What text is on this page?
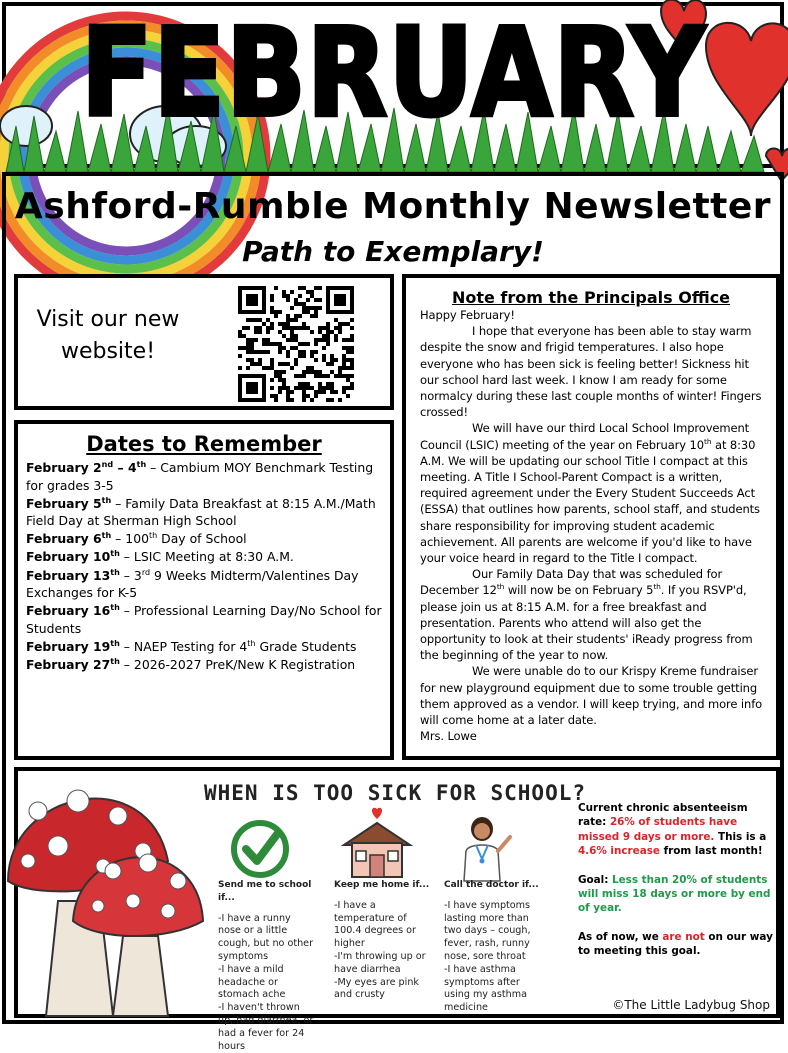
FEBRUARY
Ashford-Rumble Monthly Newsletter
Path to Exemplary!
Visit our new
website!
Dates to Remember
February 2nd – 4th – Cambium MOY Benchmark Testing for grades 3-5
February 5th – Family Data Breakfast at 8:15 A.M./Math Field Day at Sherman High School
February 6th – 100th Day of School
February 10th – LSIC Meeting at 8:30 A.M.
February 13th – 3rd 9 Weeks Midterm/Valentines Day Exchanges for K-5
February 16th – Professional Learning Day/No School for Students
February 19th – NAEP Testing for 4th Grade Students
February 27th – 2026-2027 PreK/New K Registration
Note from the Principals Office

Happy February!

I hope that everyone has been able to stay warm despite the snow and frigid temperatures. I also hope everyone who has been sick is feeling better! Sickness hit our school hard last week. I know I am ready for some normalcy during these last couple months of winter! Fingers crossed!

We will have our third Local School Improvement Council (LSIC) meeting of the year on February 10th at 8:30 A.M. We will be updating our school Title I compact at this meeting. A Title I School-Parent Compact is a written, required agreement under the Every Student Succeeds Act (ESSA) that outlines how parents, school staff, and students share responsibility for improving student academic achievement. All parents are welcome if you'd like to have your voice heard in regard to the Title I compact.

Our Family Data Day that was scheduled for December 12th will now be on February 5th. If you RSVP'd, please join us at 8:15 A.M. for a free breakfast and presentation. Parents who attend will also get the opportunity to look at their students' iReady progress from the beginning of the year to now.

We were unable do to our Krispy Kreme fundraiser for new playground equipment due to some trouble getting them approved as a vendor. I will keep trying, and more info will come home at a later date.

Mrs. Lowe

WHEN IS TOO SICK FOR SCHOOL?
Send me to school if...
-I have a runny nose or a little cough, but no other symptoms
-I have a mild headache or stomach ache
-I haven't thrown up, had diarrhea, or had a fever for 24 hours
Keep me home if...
-I have a temperature of 100.4 degrees or higher
-I'm throwing up or have diarrhea
-My eyes are pink and crusty
Call the doctor if...
-I have symptoms lasting more than two days – cough, fever, rash, runny nose, sore throat
-I have asthma symptoms after using my asthma medicine

Current chronic absenteeism rate: 26% of students have missed 9 days or more. This is a 4.6% increase from last month!

Goal: Less than 20% of students will miss 18 days or more by end of year.

As of now, we are not on our way to meeting this goal.

©The Little Ladybug Shop
